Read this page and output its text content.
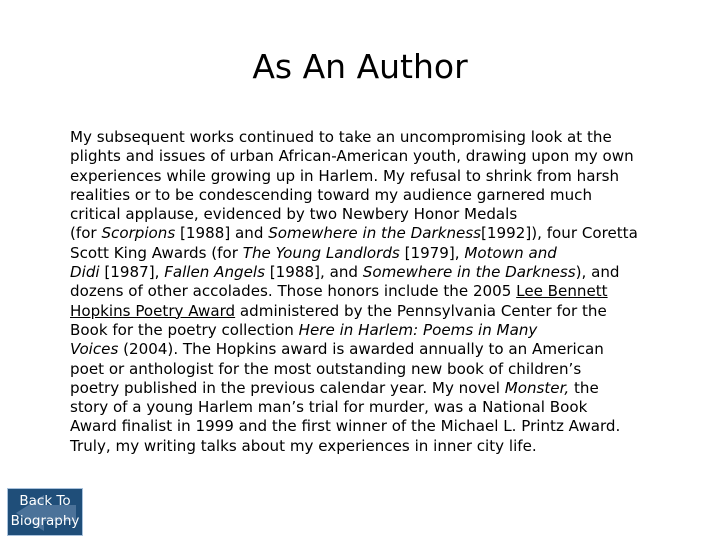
As An Author
My subsequent works continued to take an uncompromising look at the
plights and issues of urban African-American youth, drawing upon my own
experiences while growing up in Harlem. My refusal to shrink from harsh
realities or to be condescending toward my audience garnered much
critical applause, evidenced by two Newbery Honor Medals
(for Scorpions [1988] and Somewhere in the Darkness[1992]), four Coretta
Scott King Awards (for The Young Landlords [1979], Motown and
Didi [1987], Fallen Angels [1988], and Somewhere in the Darkness), and
dozens of other accolades. Those honors include the 2005 Lee Bennett
Hopkins Poetry Award administered by the Pennsylvania Center for the
Book for the poetry collection Here in Harlem: Poems in Many
Voices (2004). The Hopkins award is awarded annually to an American
poet or anthologist for the most outstanding new book of children’s
poetry published in the previous calendar year. My novel Monster, the
story of a young Harlem man’s trial for murder, was a National Book
Award finalist in 1999 and the first winner of the Michael L. Printz Award.
Truly, my writing talks about my experiences in inner city life.
Back To
Biography
